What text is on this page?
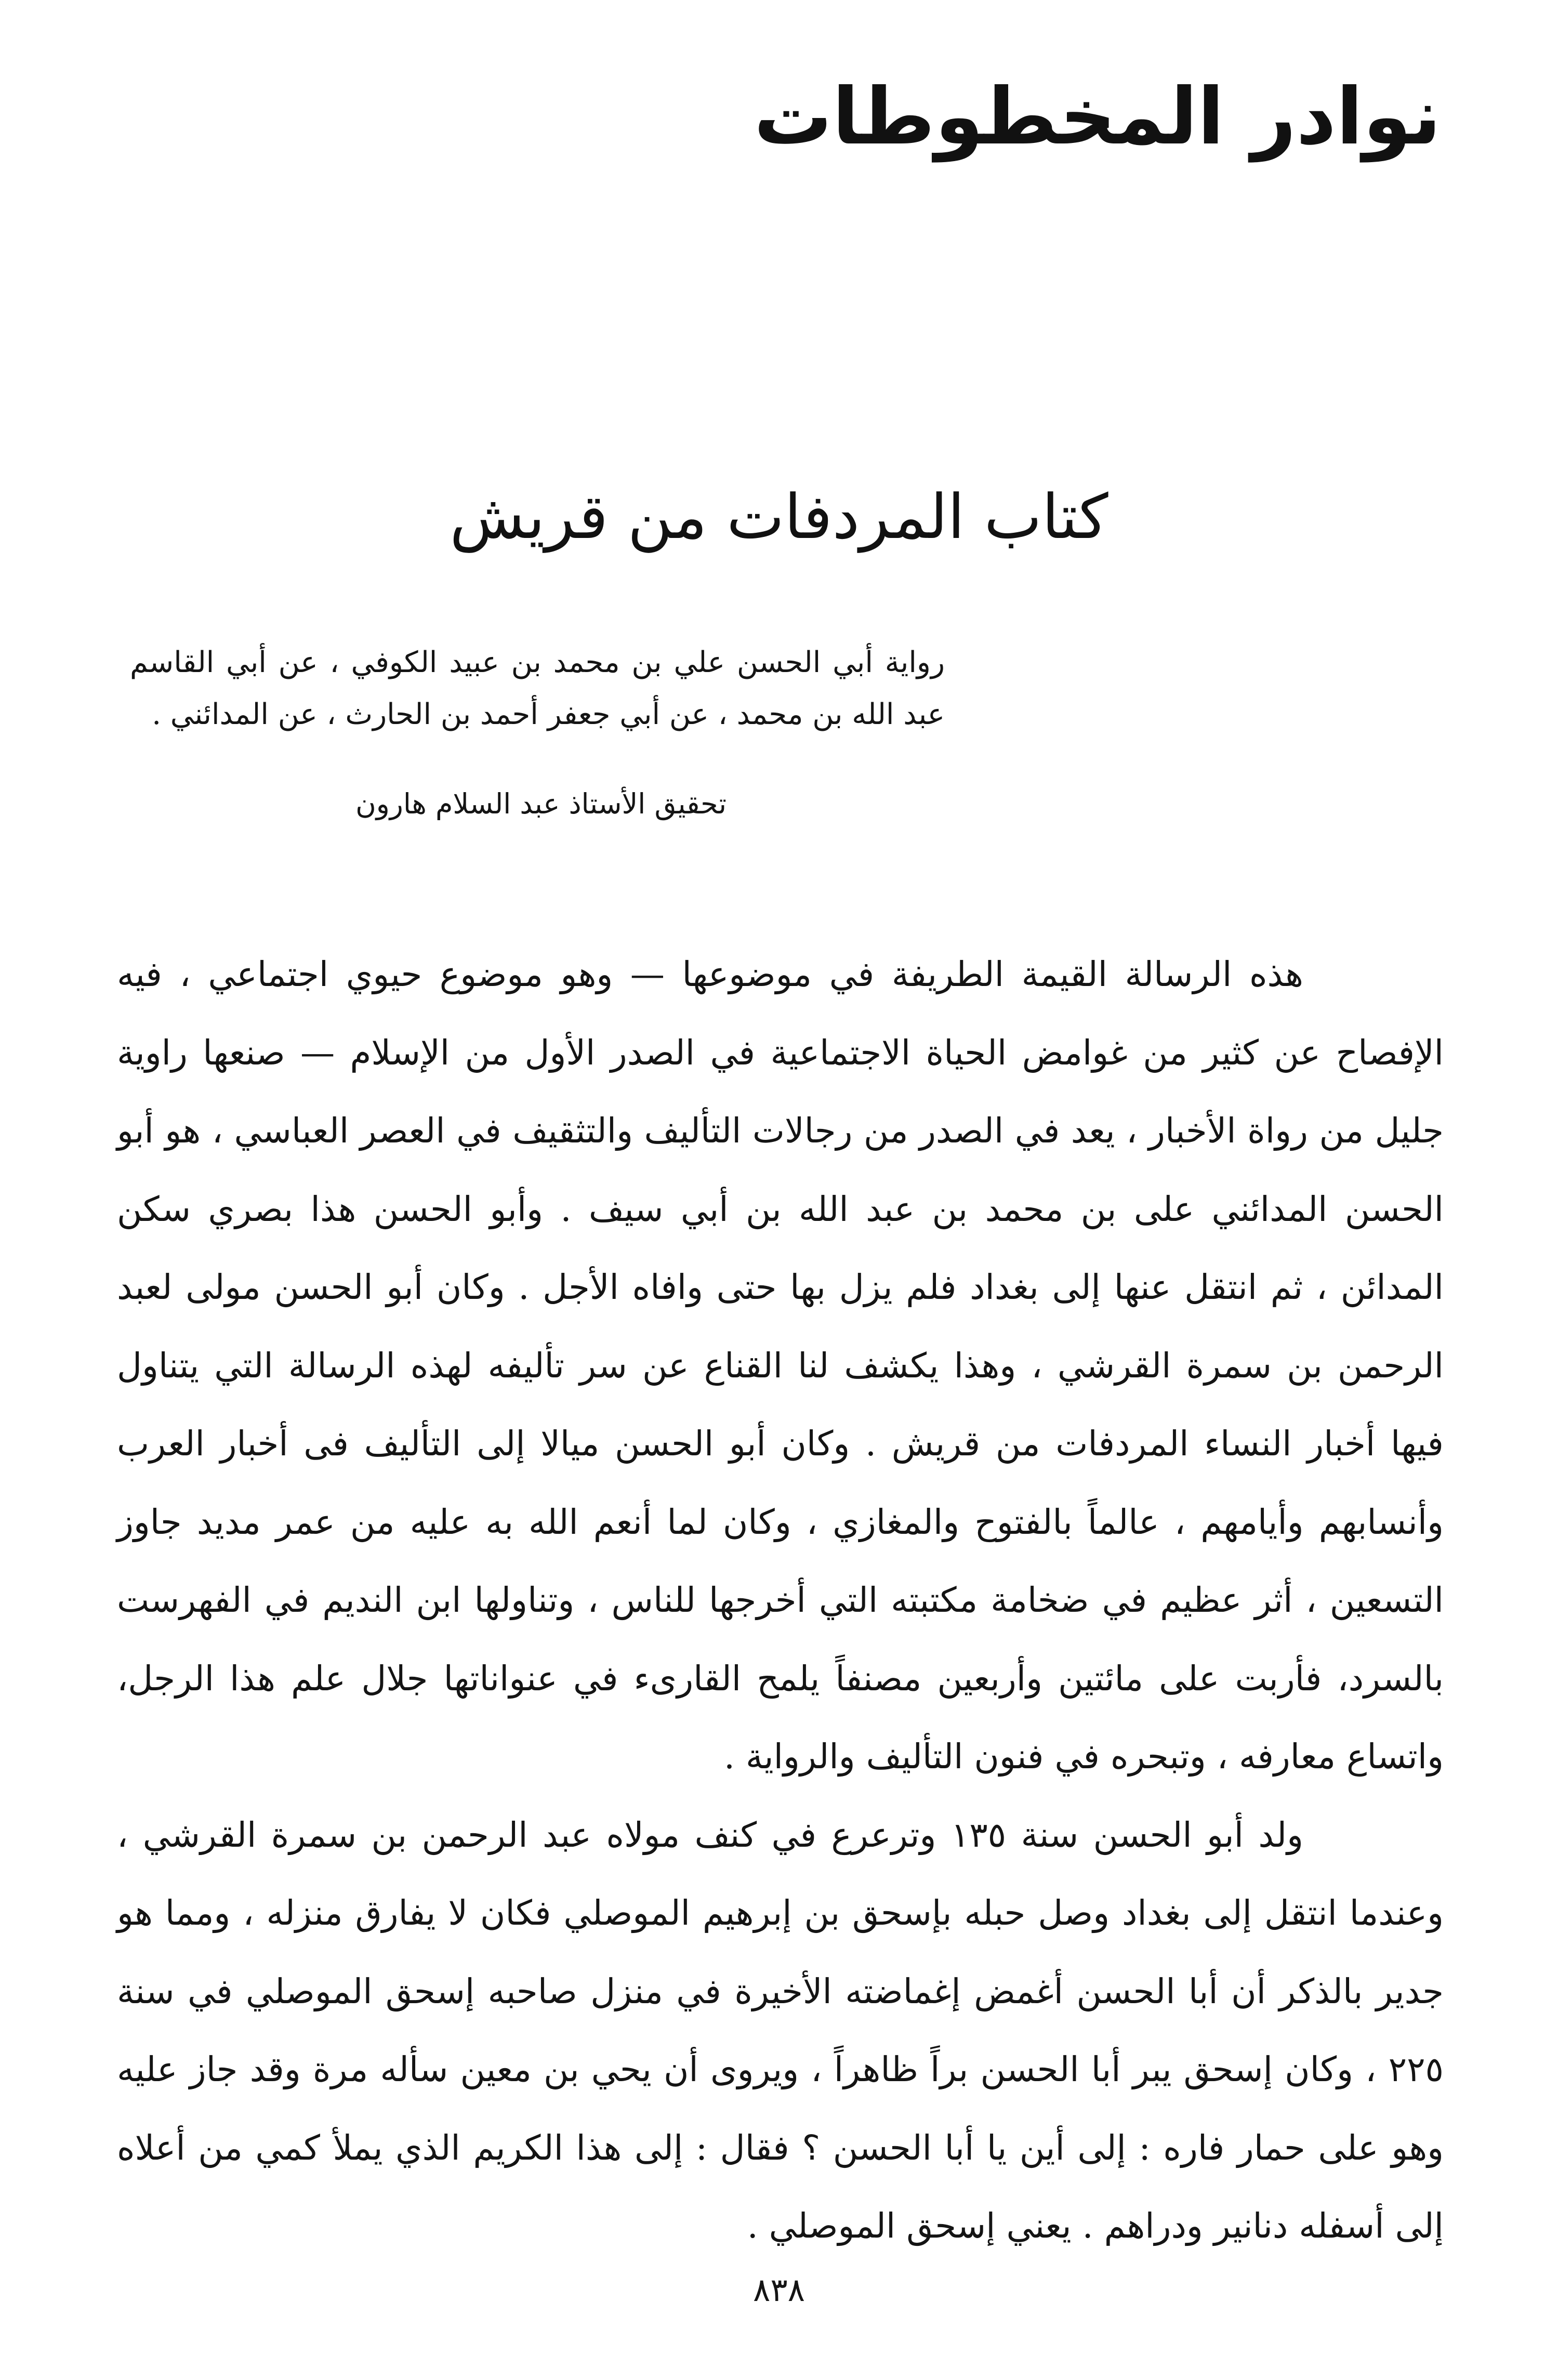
نوادر المخطوطات
كتاب المردفات من قريش

رواية أبي الحسن علي بن محمد بن عبيد الكوفي ، عن أبي القاسم عبد الله بن محمد ، عن أبي جعفر أحمد بن الحارث ، عن المدائني .

تحقيق الأستاذ عبد السلام هارون

هذه الرسالة القيمة الطريفة في موضوعها — وهو موضوع حيوي اجتماعي ، فيه الإفصاح عن كثير من غوامض الحياة الاجتماعية في الصدر الأول من الإسلام — صنعها راوية جليل من رواة الأخبار ، يعد في الصدر من رجالات التأليف والتثقيف في العصر العباسي ، هو أبو الحسن المدائني على بن محمد بن عبد الله بن أبي سيف . وأبو الحسن هذا بصري سكن المدائن ، ثم انتقل عنها إلى بغداد فلم يزل بها حتى وافاه الأجل . وكان أبو الحسن مولى لعبد الرحمن بن سمرة القرشي ، وهذا يكشف لنا القناع عن سر تأليفه لهذه الرسالة التي يتناول فيها أخبار النساء المردفات من قريش . وكان أبو الحسن ميالا إلى التأليف فى أخبار العرب وأنسابهم وأيامهم ، عالماً بالفتوح والمغازي ، وكان لما أنعم الله به عليه من عمر مديد جاوز التسعين ، أثر عظيم في ضخامة مكتبته التي أخرجها للناس ، وتناولها ابن النديم في الفهرست بالسرد، فأربت على مائتين وأربعين مصنفاً يلمح القارىء في عنواناتها جلال علم هذا الرجل، واتساع معارفه ، وتبحره في فنون التأليف والرواية .

ولد أبو الحسن سنة ١٣٥ وترعرع في كنف مولاه عبد الرحمن بن سمرة القرشي ، وعندما انتقل إلى بغداد وصل حبله بإسحق بن إبرهيم الموصلي فكان لا يفارق منزله ، ومما هو جدير بالذكر أن أبا الحسن أغمض إغماضته الأخيرة في منزل صاحبه إسحق الموصلي في سنة ٢٢٥ ، وكان إسحق يبر أبا الحسن براً ظاهراً ، ويروى أن يحي بن معين سأله مرة وقد جاز عليه وهو على حمار فاره : إلى أين يا أبا الحسن ؟ فقال : إلى هذا الكريم الذي يملأ كمي من أعلاه إلى أسفله دنانير ودراهم . يعني إسحق الموصلي .

٨٣٨
